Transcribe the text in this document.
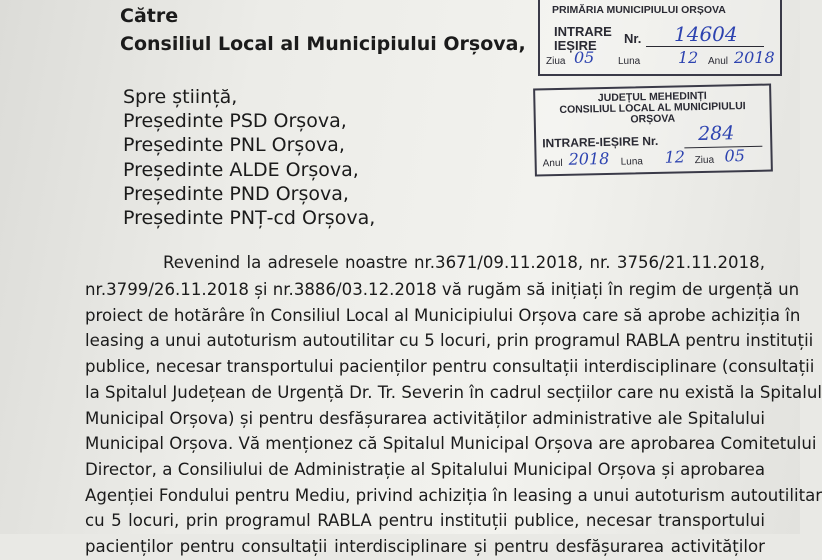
Către
Consiliul Local al Municipiului Orșova,
Spre știință,
Președinte PSD Orșova,
Președinte PNL Orșova,
Președinte ALDE Orșova,
Președinte PND Orșova,
Președinte PNȚ-cd Orșova,
PRIMĂRIA MUNICIPIULUI ORȘOVA
INTRARE
IEȘIRE Nr. 14604
Ziua 05 Luna 12 Anul 2018
JUDEȚUL MEHEDINȚI
CONSILIUL LOCAL AL MUNICIPIULUI
ORȘOVA
INTRARE-IEȘIRE Nr. 284
Anul 2018 Luna 12 Ziua 05
Revenind la adresele noastre nr.3671/09.11.2018, nr. 3756/21.11.2018,
nr.3799/26.11.2018 și nr.3886/03.12.2018 vă rugăm să inițiați în regim de urgență un
proiect de hotărâre în Consiliul Local al Municipiului Orșova care să aprobe achiziția în
leasing a unui autoturism autoutilitar cu 5 locuri, prin programul RABLA pentru instituții
publice, necesar transportului pacienților pentru consultații interdisciplinare (consultații
la Spitalul Județean de Urgență Dr. Tr. Severin în cadrul secțiilor care nu există la Spitalul
Municipal Orșova) și pentru desfășurarea activităților administrative ale Spitalului
Municipal Orșova. Vă menționez că Spitalul Municipal Orșova are aprobarea Comitetului
Director, a Consiliului de Administrație al Spitalului Municipal Orșova și aprobarea
Agenției Fondului pentru Mediu, privind achiziția în leasing a unui autoturism autoutilitar
cu 5 locuri, prin programul RABLA pentru instituții publice, necesar transportului
pacienților pentru consultații interdisciplinare și pentru desfășurarea activităților
